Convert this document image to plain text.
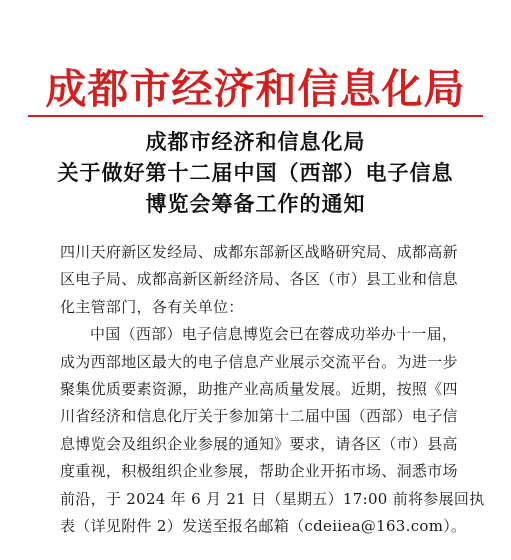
成都市经济和信息化局
成都市经济和信息化局
关于做好第十二届中国（西部）电子信息
博览会筹备工作的通知
四川天府新区发经局、成都东部新区战略研究局、成都高新
区电子局、成都高新区新经济局、各区（市）县工业和信息
化主管部门，各有关单位：
中国（西部）电子信息博览会已在蓉成功举办十一届，
成为西部地区最大的电子信息产业展示交流平台。为进一步
聚集优质要素资源，助推产业高质量发展。近期，按照《四
川省经济和信息化厅关于参加第十二届中国（西部）电子信
息博览会及组织企业参展的通知》要求，请各区（市）县高
度重视，积极组织企业参展，帮助企业开拓市场、洞悉市场
前沿，于 2024 年 6 月 21 日（星期五）17:00 前将参展回执
表（详见附件 2）发送至报名邮箱（cdeiiea@163.com）。
